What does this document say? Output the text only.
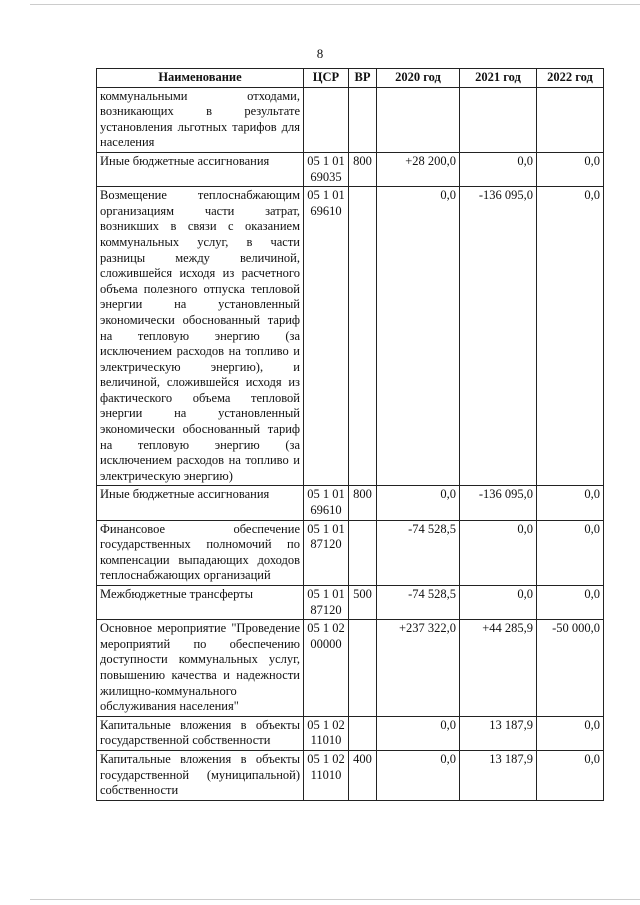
8
Наименование	ЦСР	ВР	2020 год	2021 год	2022 год
коммунальными отходами, возникающих в результате установления льготных тарифов для населения					
Иные бюджетные ассигнования	05 1 01 69035	800	+28 200,0	0,0	0,0
Возмещение теплоснабжающим организациям части затрат, возникших в связи с оказанием коммунальных услуг, в части разницы между величиной, сложившейся исходя из расчетного объема полезного отпуска тепловой энергии на установленный экономически обоснованный тариф на тепловую энергию (за исключением расходов на топливо и электрическую энергию), и величиной, сложившейся исходя из фактического объема тепловой энергии на установленный экономически обоснованный тариф на тепловую энергию (за исключением расходов на топливо и электрическую энергию)	05 1 01 69610		0,0	-136 095,0	0,0
Иные бюджетные ассигнования	05 1 01 69610	800	0,0	-136 095,0	0,0
Финансовое обеспечение государственных полномочий по компенсации выпадающих доходов теплоснабжающих организаций	05 1 01 87120		-74 528,5	0,0	0,0
Межбюджетные трансферты	05 1 01 87120	500	-74 528,5	0,0	0,0
Основное мероприятие "Проведение мероприятий по обеспечению доступности коммунальных услуг, повышению качества и надежности жилищно-коммунального обслуживания населения"	05 1 02 00000		+237 322,0	+44 285,9	-50 000,0
Капитальные вложения в объекты государственной собственности	05 1 02 11010		0,0	13 187,9	0,0
Капитальные вложения в объекты государственной (муниципальной) собственности	05 1 02 11010	400	0,0	13 187,9	0,0
